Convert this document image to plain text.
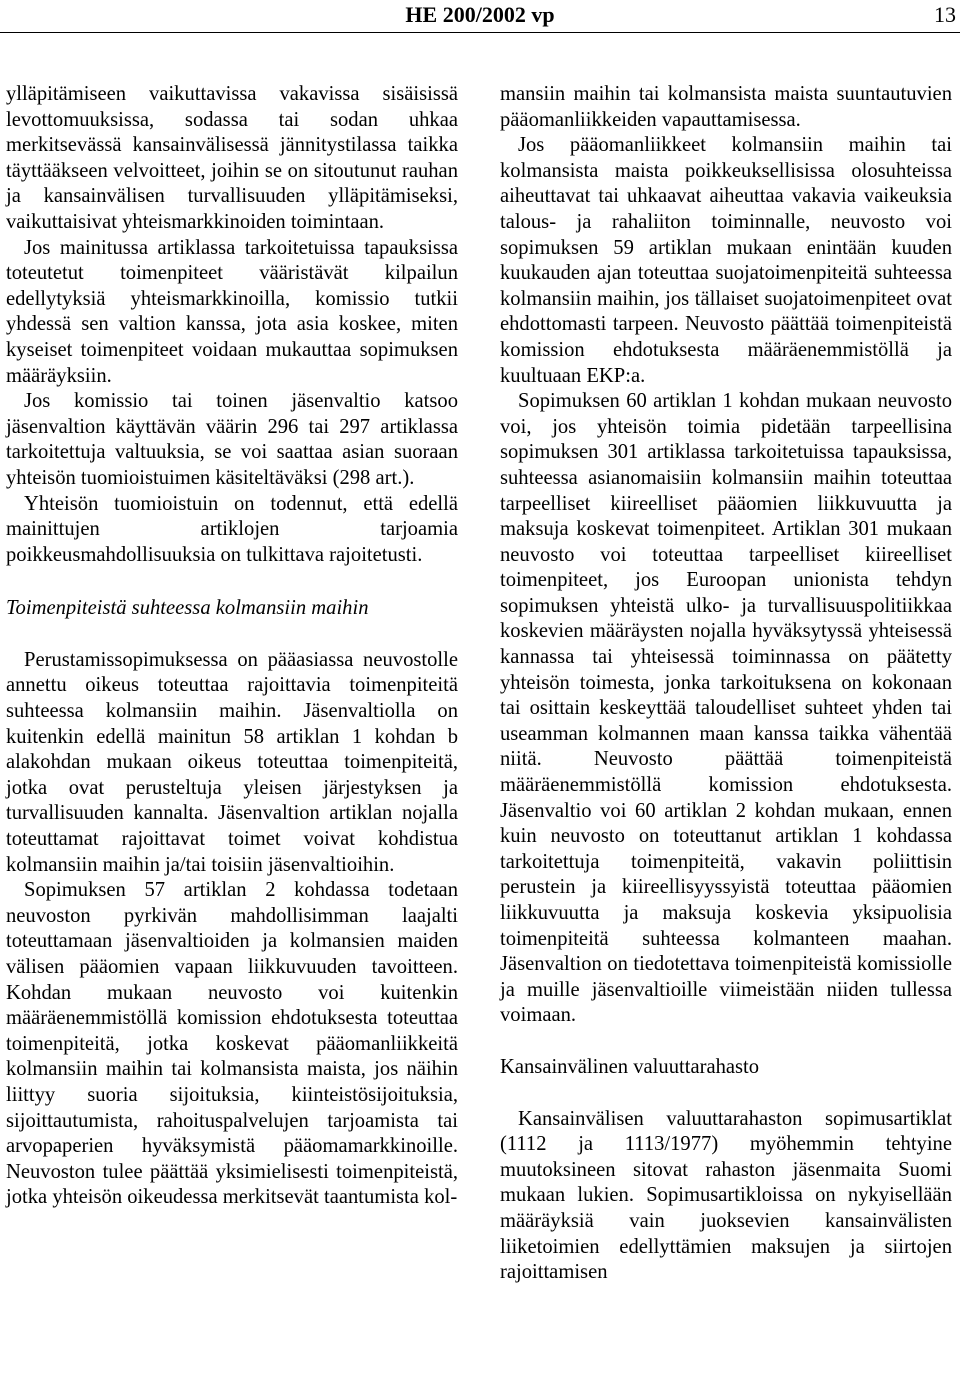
HE 200/2002 vp	13

ylläpitämiseen vaikuttavissa vakavissa sisäisissä levottomuuksissa, sodassa tai sodan uhkaa merkitsevässä kansainvälisessä jännitystilassa taikka täyttääkseen velvoitteet, joihin se on sitoutunut rauhan ja kansainvälisen turvallisuuden ylläpitämiseksi, vaikuttaisivat yhteismarkkinoiden toimintaan.

Jos mainitussa artiklassa tarkoitetuissa tapauksissa toteutetut toimenpiteet vääristävät kilpailun edellytyksiä yhteismarkkinoilla, komissio tutkii yhdessä sen valtion kanssa, jota asia koskee, miten kyseiset toimenpiteet voidaan mukauttaa sopimuksen määräyksiin.

Jos komissio tai toinen jäsenvaltio katsoo jäsenvaltion käyttävän väärin 296 tai 297 artiklassa tarkoitettuja valtuuksia, se voi saattaa asian suoraan yhteisön tuomioistuimen käsiteltäväksi (298 art.).

Yhteisön tuomioistuin on todennut, että edellä mainittujen artiklojen tarjoamia poikkeusmahdollisuuksia on tulkittava rajoitetusti.

Toimenpiteistä suhteessa kolmansiin maihin

Perustamissopimuksessa on pääasiassa neuvostolle annettu oikeus toteuttaa rajoittavia toimenpiteitä suhteessa kolmansiin maihin. Jäsenvaltiolla on kuitenkin edellä mainitun 58 artiklan 1 kohdan b alakohdan mukaan oikeus toteuttaa toimenpiteitä, jotka ovat perusteltuja yleisen järjestyksen ja turvallisuuden kannalta. Jäsenvaltion artiklan nojalla toteuttamat rajoittavat toimet voivat kohdistua kolmansiin maihin ja/tai toisiin jäsenvaltioihin.

Sopimuksen 57 artiklan 2 kohdassa todetaan neuvoston pyrkivän mahdollisimman laajalti toteuttamaan jäsenvaltioiden ja kolmansien maiden välisen pääomien vapaan liikkuvuuden tavoitteen. Kohdan mukaan neuvosto voi kuitenkin määräenemmistöllä komission ehdotuksesta toteuttaa toimenpiteitä, jotka koskevat pääomanliikkeitä kolmansiin maihin tai kolmansista maista, jos näihin liittyy suoria sijoituksia, kiinteistösijoituksia, sijoittautumista, rahoituspalvelujen tarjoamista tai arvopaperien hyväksymistä pääomamarkkinoille. Neuvoston tulee päättää yksimielisesti toimenpiteistä, jotka yhteisön oikeudessa merkitsevät taantumista kol-

mansiin maihin tai kolmansista maista suuntautuvien pääomanliikkeiden vapauttamisessa.

Jos pääomanliikkeet kolmansiin maihin tai kolmansista maista poikkeuksellisissa olosuhteissa aiheuttavat tai uhkaavat aiheuttaa vakavia vaikeuksia talous- ja rahaliiton toiminnalle, neuvosto voi sopimuksen 59 artiklan mukaan enintään kuuden kuukauden ajan toteuttaa suojatoimenpiteitä suhteessa kolmansiin maihin, jos tällaiset suojatoimenpiteet ovat ehdottomasti tarpeen. Neuvosto päättää toimenpiteistä komission ehdotuksesta määräenemmistöllä ja kuultuaan EKP:a.

Sopimuksen 60 artiklan 1 kohdan mukaan neuvosto voi, jos yhteisön toimia pidetään tarpeellisina sopimuksen 301 artiklassa tarkoitetuissa tapauksissa, suhteessa asianomaisiin kolmansiin maihin toteuttaa tarpeelliset kiireelliset pääomien liikkuvuutta ja maksuja koskevat toimenpiteet. Artiklan 301 mukaan neuvosto voi toteuttaa tarpeelliset kiireelliset toimenpiteet, jos Euroopan unionista tehdyn sopimuksen yhteistä ulko- ja turvallisuuspolitiikkaa koskevien määräysten nojalla hyväksytyssä yhteisessä kannassa tai yhteisessä toiminnassa on päätetty yhteisön toimesta, jonka tarkoituksena on kokonaan tai osittain keskeyttää taloudelliset suhteet yhden tai useamman kolmannen maan kanssa taikka vähentää niitä. Neuvosto päättää toimenpiteistä määräenemmistöllä komission ehdotuksesta. Jäsenvaltio voi 60 artiklan 2 kohdan mukaan, ennen kuin neuvosto on toteuttanut artiklan 1 kohdassa tarkoitettuja toimenpiteitä, vakavin poliittisin perustein ja kiireellisyyssyistä toteuttaa pääomien liikkuvuutta ja maksuja koskevia yksipuolisia toimenpiteitä suhteessa kolmanteen maahan. Jäsenvaltion on tiedotettava toimenpiteistä komissiolle ja muille jäsenvaltioille viimeistään niiden tullessa voimaan.

Kansainvälinen valuuttarahasto

Kansainvälisen valuuttarahaston sopimusartiklat (1112 ja 1113/1977) myöhemmin tehtyine muutoksineen sitovat rahaston jäsenmaita Suomi mukaan lukien. Sopimusartikloissa on nykyisellään määräyksiä vain juoksevien kansainvälisten liiketoimien edellyttämien maksujen ja siirtojen rajoittamisen
